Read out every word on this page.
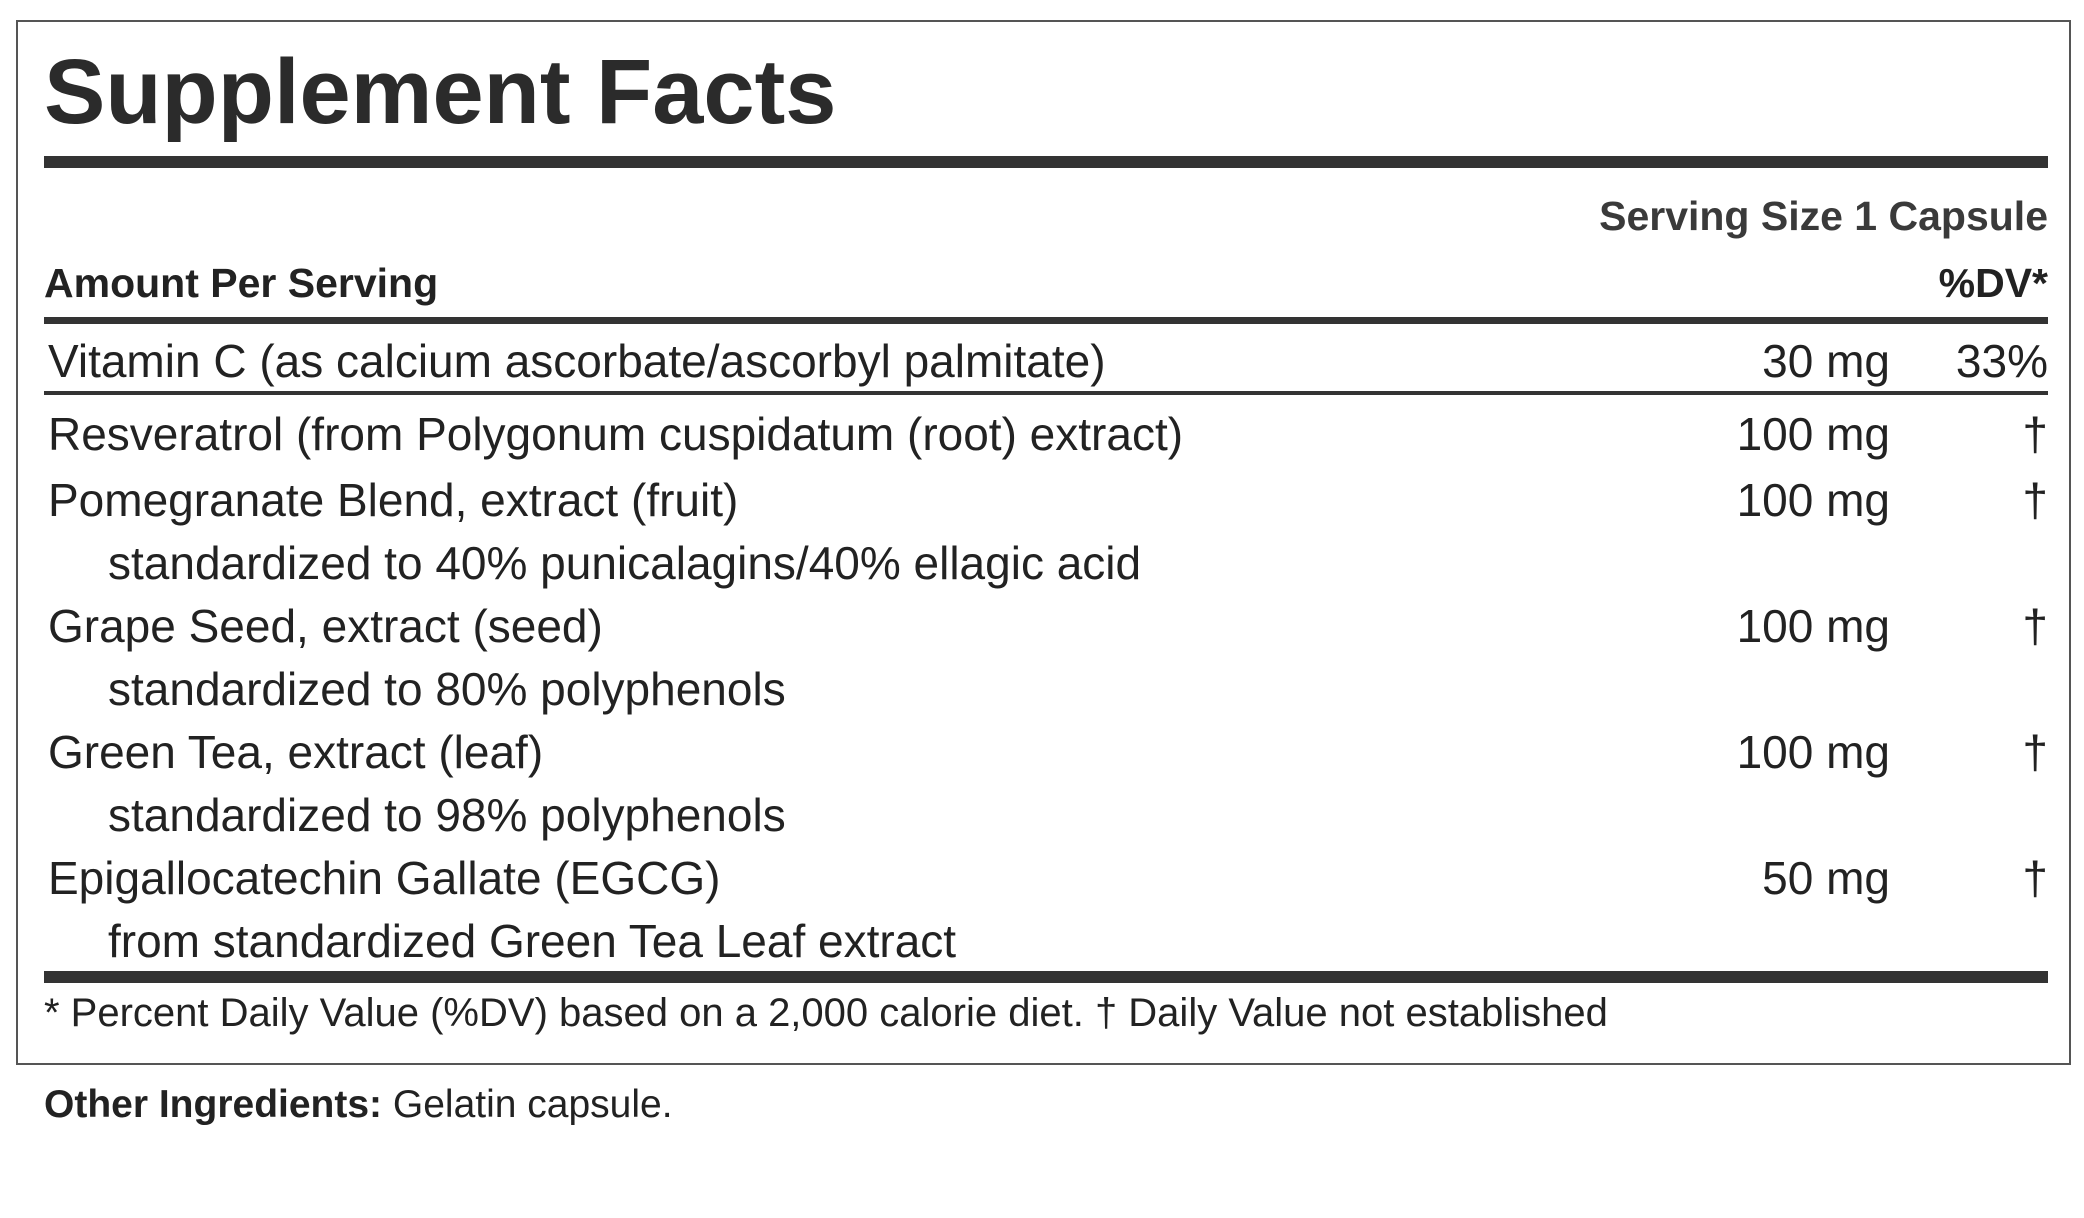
Supplement Facts
Serving Size 1 Capsule
Amount Per Serving	%DV*
Vitamin C (as calcium ascorbate/ascorbyl palmitate)	30 mg 33%
Resveratrol (from Polygonum cuspidatum (root) extract)	100 mg	†
Pomegranate Blend, extract (fruit)	100 mg	†
standardized to 40% punicalagins/40% ellagic acid
Grape Seed, extract (seed)	100 mg	†
standardized to 80% polyphenols
Green Tea, extract (leaf)	100 mg	†
standardized to 98% polyphenols
Epigallocatechin Gallate (EGCG)	50 mg	†
from standardized Green Tea Leaf extract
* Percent Daily Value (%DV) based on a 2,000 calorie diet. † Daily Value not established
Other Ingredients: Gelatin capsule.
